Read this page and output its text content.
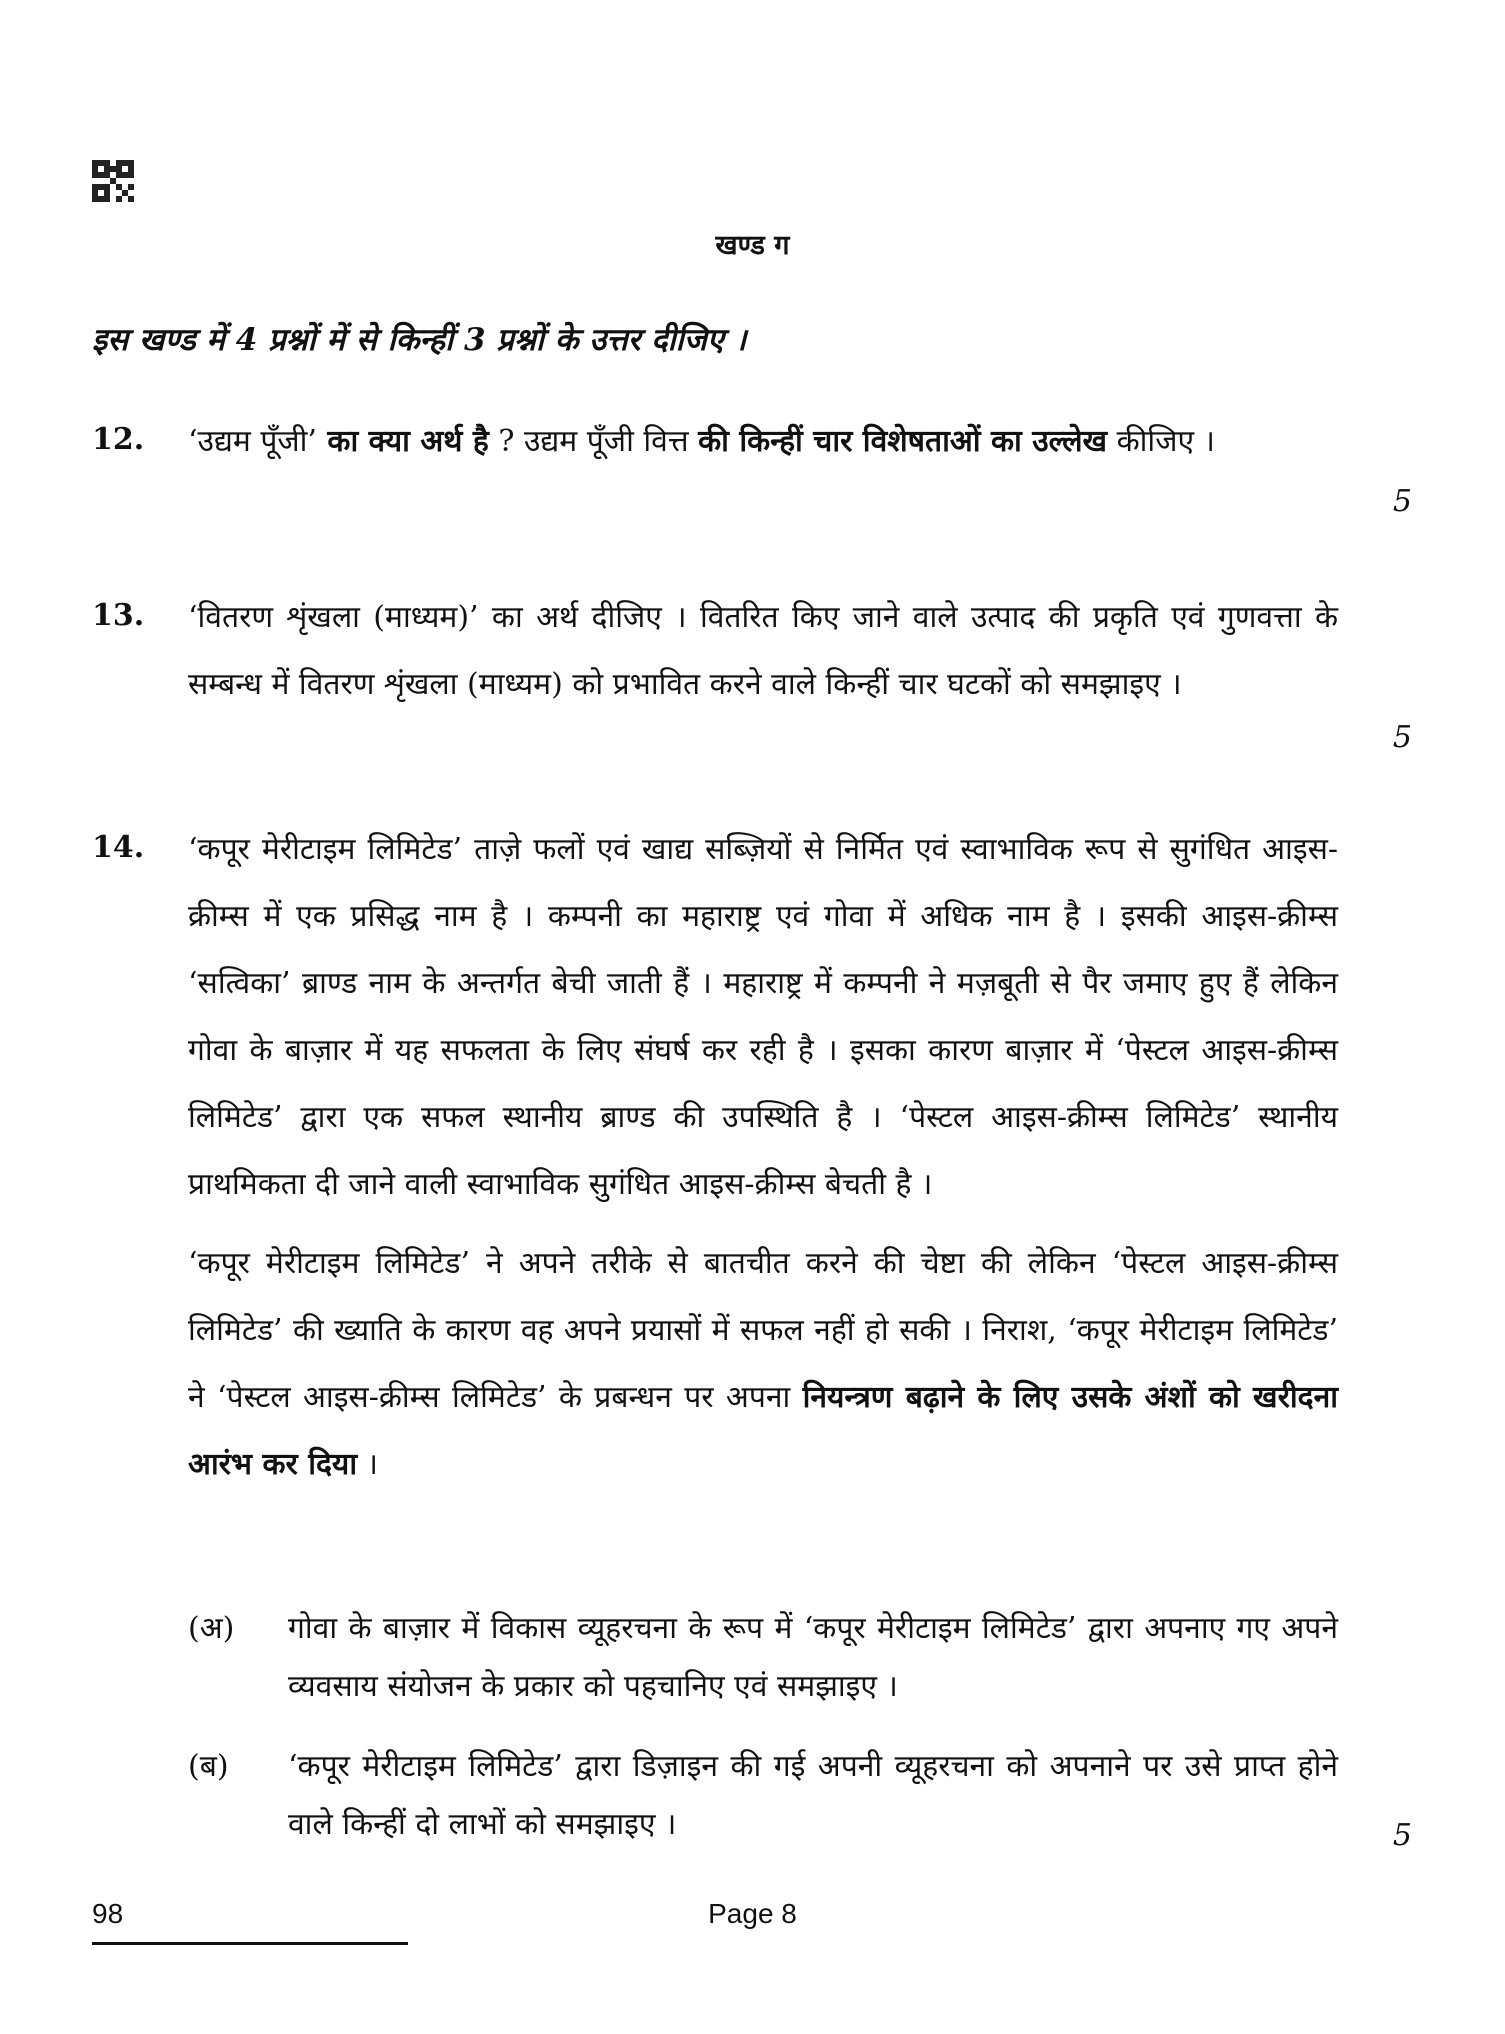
खण्ड ग
इस खण्ड में 4 प्रश्नों में से किन्हीं 3 प्रश्नों के उत्तर दीजिए ।
12. ‘उद्यम पूँजी’ का क्या अर्थ है ? उद्यम पूँजी वित्त की किन्हीं चार विशेषताओं का उल्लेख कीजिए ।
5
13. ‘वितरण शृंखला (माध्यम)’ का अर्थ दीजिए । वितरित किए जाने वाले उत्पाद की प्रकृति एवं गुणवत्ता के सम्बन्ध में वितरण शृंखला (माध्यम) को प्रभावित करने वाले किन्हीं चार घटकों को समझाइए ।
5
14. ‘कपूर मेरीटाइम लिमिटेड’ ताज़े फलों एवं खाद्य सब्ज़ियों से निर्मित एवं स्वाभाविक रूप से सुगंधित आइस-क्रीम्स में एक प्रसिद्ध नाम है । कम्पनी का महाराष्ट्र एवं गोवा में अधिक नाम है । इसकी आइस-क्रीम्स ‘सत्विका’ ब्राण्ड नाम के अन्तर्गत बेची जाती हैं । महाराष्ट्र में कम्पनी ने मज़बूती से पैर जमाए हुए हैं लेकिन गोवा के बाज़ार में यह सफलता के लिए संघर्ष कर रही है । इसका कारण बाज़ार में ‘पेस्टल आइस-क्रीम्स लिमिटेड’ द्वारा एक सफल स्थानीय ब्राण्ड की उपस्थिति है । ‘पेस्टल आइस-क्रीम्स लिमिटेड’ स्थानीय प्राथमिकता दी जाने वाली स्वाभाविक सुगंधित आइस-क्रीम्स बेचती है ।

‘कपूर मेरीटाइम लिमिटेड’ ने अपने तरीके से बातचीत करने की चेष्टा की लेकिन ‘पेस्टल आइस-क्रीम्स लिमिटेड’ की ख्याति के कारण वह अपने प्रयासों में सफल नहीं हो सकी । निराश, ‘कपूर मेरीटाइम लिमिटेड’ ने ‘पेस्टल आइस-क्रीम्स लिमिटेड’ के प्रबन्धन पर अपना नियन्त्रण बढ़ाने के लिए उसके अंशों को खरीदना आरंभ कर दिया ।

(अ) गोवा के बाज़ार में विकास व्यूहरचना के रूप में ‘कपूर मेरीटाइम लिमिटेड’ द्वारा अपनाए गए अपने व्यवसाय संयोजन के प्रकार को पहचानिए एवं समझाइए ।
(ब) ‘कपूर मेरीटाइम लिमिटेड’ द्वारा डिज़ाइन की गई अपनी व्यूहरचना को अपनाने पर उसे प्राप्त होने वाले किन्हीं दो लाभों को समझाइए ।	5
98	Page 8
